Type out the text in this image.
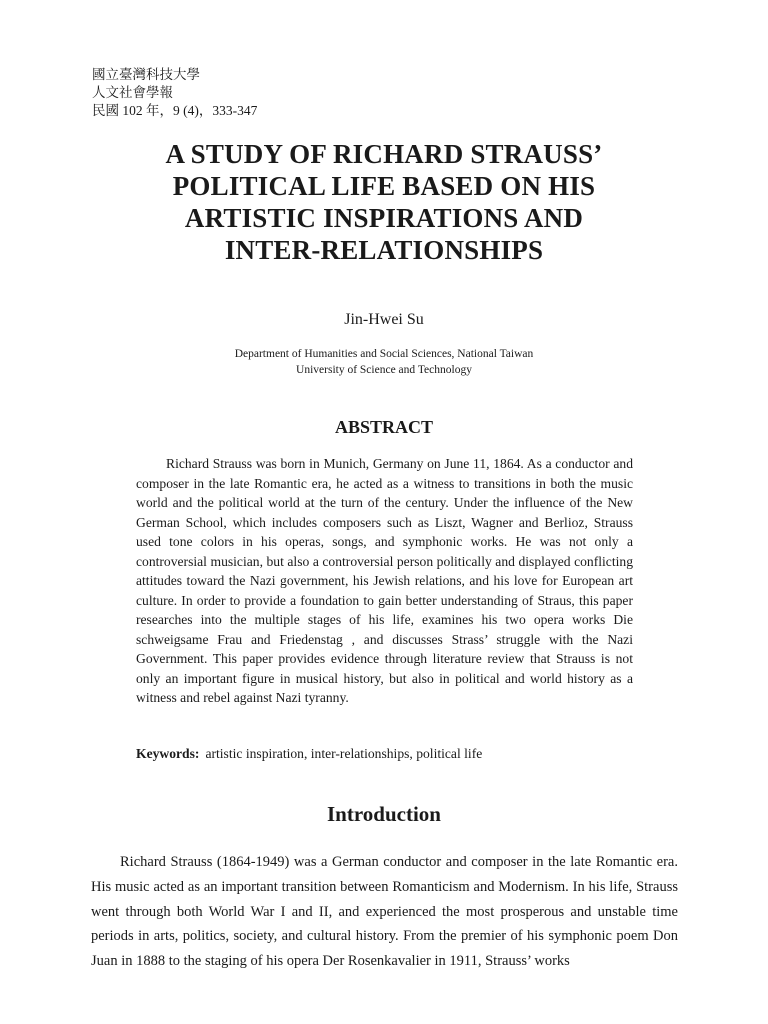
國立臺灣科技大學
人文社會學報
民國 102 年，9 (4)，333-347
A STUDY OF RICHARD STRAUSS’
POLITICAL LIFE BASED ON HIS
ARTISTIC INSPIRATIONS AND
INTER-RELATIONSHIPS
Jin-Hwei Su
Department of Humanities and Social Sciences, National Taiwan
University of Science and Technology
ABSTRACT

Richard Strauss was born in Munich, Germany on June 11, 1864. As a conductor and composer in the late Romantic era, he acted as a witness to transitions in both the music world and the political world at the turn of the century. Under the influence of the New German School, which includes composers such as Liszt, Wagner and Berlioz, Strauss used tone colors in his operas, songs, and symphonic works. He was not only a controversial musician, but also a controversial person politically and displayed conflicting attitudes toward the Nazi government, his Jewish relations, and his love for European art culture. In order to provide a foundation to gain better understanding of Straus, this paper researches into the multiple stages of his life, examines his two opera works Die schweigsame Frau and Friedenstag , and discusses Strass’ struggle with the Nazi Government. This paper provides evidence through literature review that Strauss is not only an important figure in musical history, but also in political and world history as a witness and rebel against Nazi tyranny.

Keywords: artistic inspiration, inter-relationships, political life
Introduction

Richard Strauss (1864-1949) was a German conductor and composer in the late Romantic era. His music acted as an important transition between Romanticism and Modernism. In his life, Strauss went through both World War I and II, and experienced the most prosperous and unstable time periods in arts, politics, society, and cultural history. From the premier of his symphonic poem Don Juan in 1888 to the staging of his opera Der Rosenkavalier in 1911, Strauss’ works
